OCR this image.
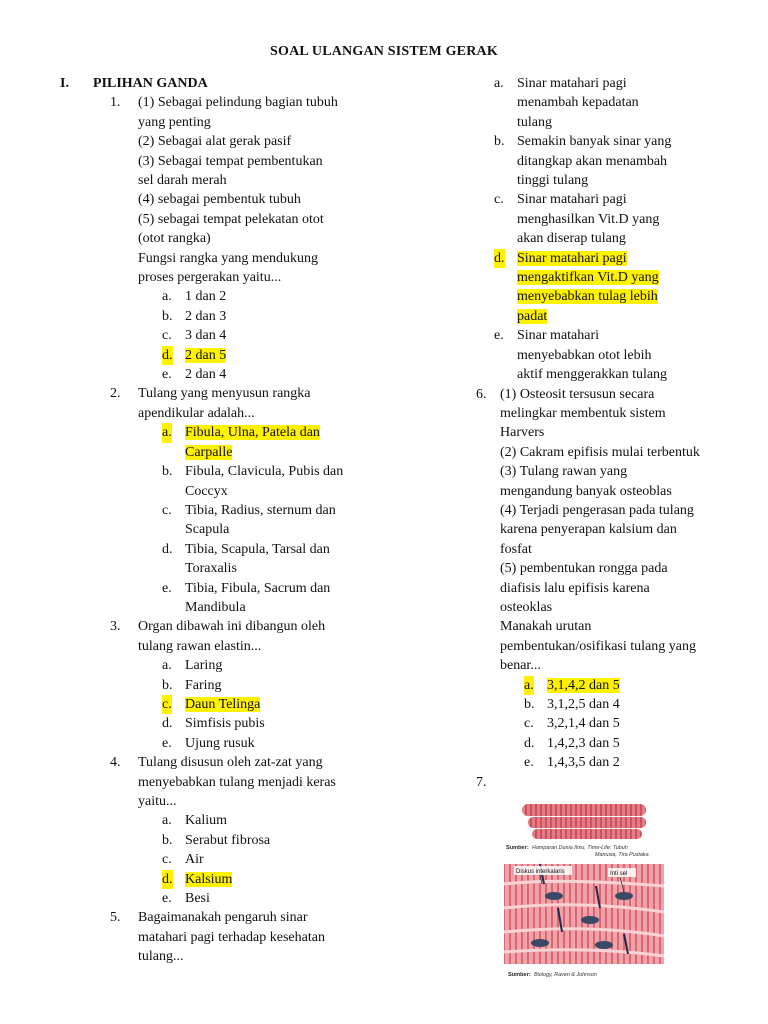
SOAL ULANGAN SISTEM GERAK
I. PILIHAN GANDA
1.	(1) Sebagai pelindung bagian tubuh
yang penting
(2) Sebagai alat gerak pasif
(3) Sebagai tempat pembentukan
sel darah merah
(4) sebagai pembentuk tubuh
(5) sebagai tempat pelekatan otot
(otot rangka)
Fungsi rangka yang mendukung
proses pergerakan yaitu...
a. 1 dan 2
b. 2 dan 3
c. 3 dan 4
d. 2 dan 5
e. 2 dan 4
2.	Tulang yang menyusun rangka
apendikular adalah...
a. Fibula, Ulna, Patela dan
Carpalle
b. Fibula, Clavicula, Pubis dan
Coccyx
c. Tibia, Radius, sternum dan
Scapula
d. Tibia, Scapula, Tarsal dan
Toraxalis
e. Tibia, Fibula, Sacrum dan
Mandibula
3.	Organ dibawah ini dibangun oleh
tulang rawan elastin...
a. Laring
b. Faring
c. Daun Telinga
d. Simfisis pubis
e. Ujung rusuk
4.	Tulang disusun oleh zat-zat yang
menyebabkan tulang menjadi keras
yaitu...
a. Kalium
b. Serabut fibrosa
c. Air
d. Kalsium
e. Besi
5.	Bagaimanakah pengaruh sinar
matahari pagi terhadap kesehatan
tulang...
a. Sinar matahari pagi
menambah kepadatan
tulang
b. Semakin banyak sinar yang
ditangkap akan menambah
tinggi tulang
c. Sinar matahari pagi
menghasilkan Vit.D yang
akan diserap tulang
d. Sinar matahari pagi
mengaktifkan Vit.D yang
menyebabkan tulag lebih
padat
e. Sinar matahari
menyebabkan otot lebih
aktif menggerakkan tulang
6. (1) Osteosit tersusun secara
melingkar membentuk sistem
Harvers
(2) Cakram epifisis mulai terbentuk
(3) Tulang rawan yang
mengandung banyak osteoblas
(4) Terjadi pengerasan pada tulang
karena penyerapan kalsium dan
fosfat
(5) pembentukan rongga pada
diafisis lalu epifisis karena
osteoklas
Manakah urutan
pembentukan/osifikasi tulang yang
benar...
a. 3,1,4,2 dan 5
b. 3,1,2,5 dan 4
c. 3,2,1,4 dan 5
d. 1,4,2,3 dan 5
e. 1,4,3,5 dan 2
7.
Sumber: Hamparan Dunia Ilmu, Time-Life: Tubuh
Manusia, Tira Pustaka
Diskus interkalaris	Inti sel
Sumber: Biology, Raven & Johnson
